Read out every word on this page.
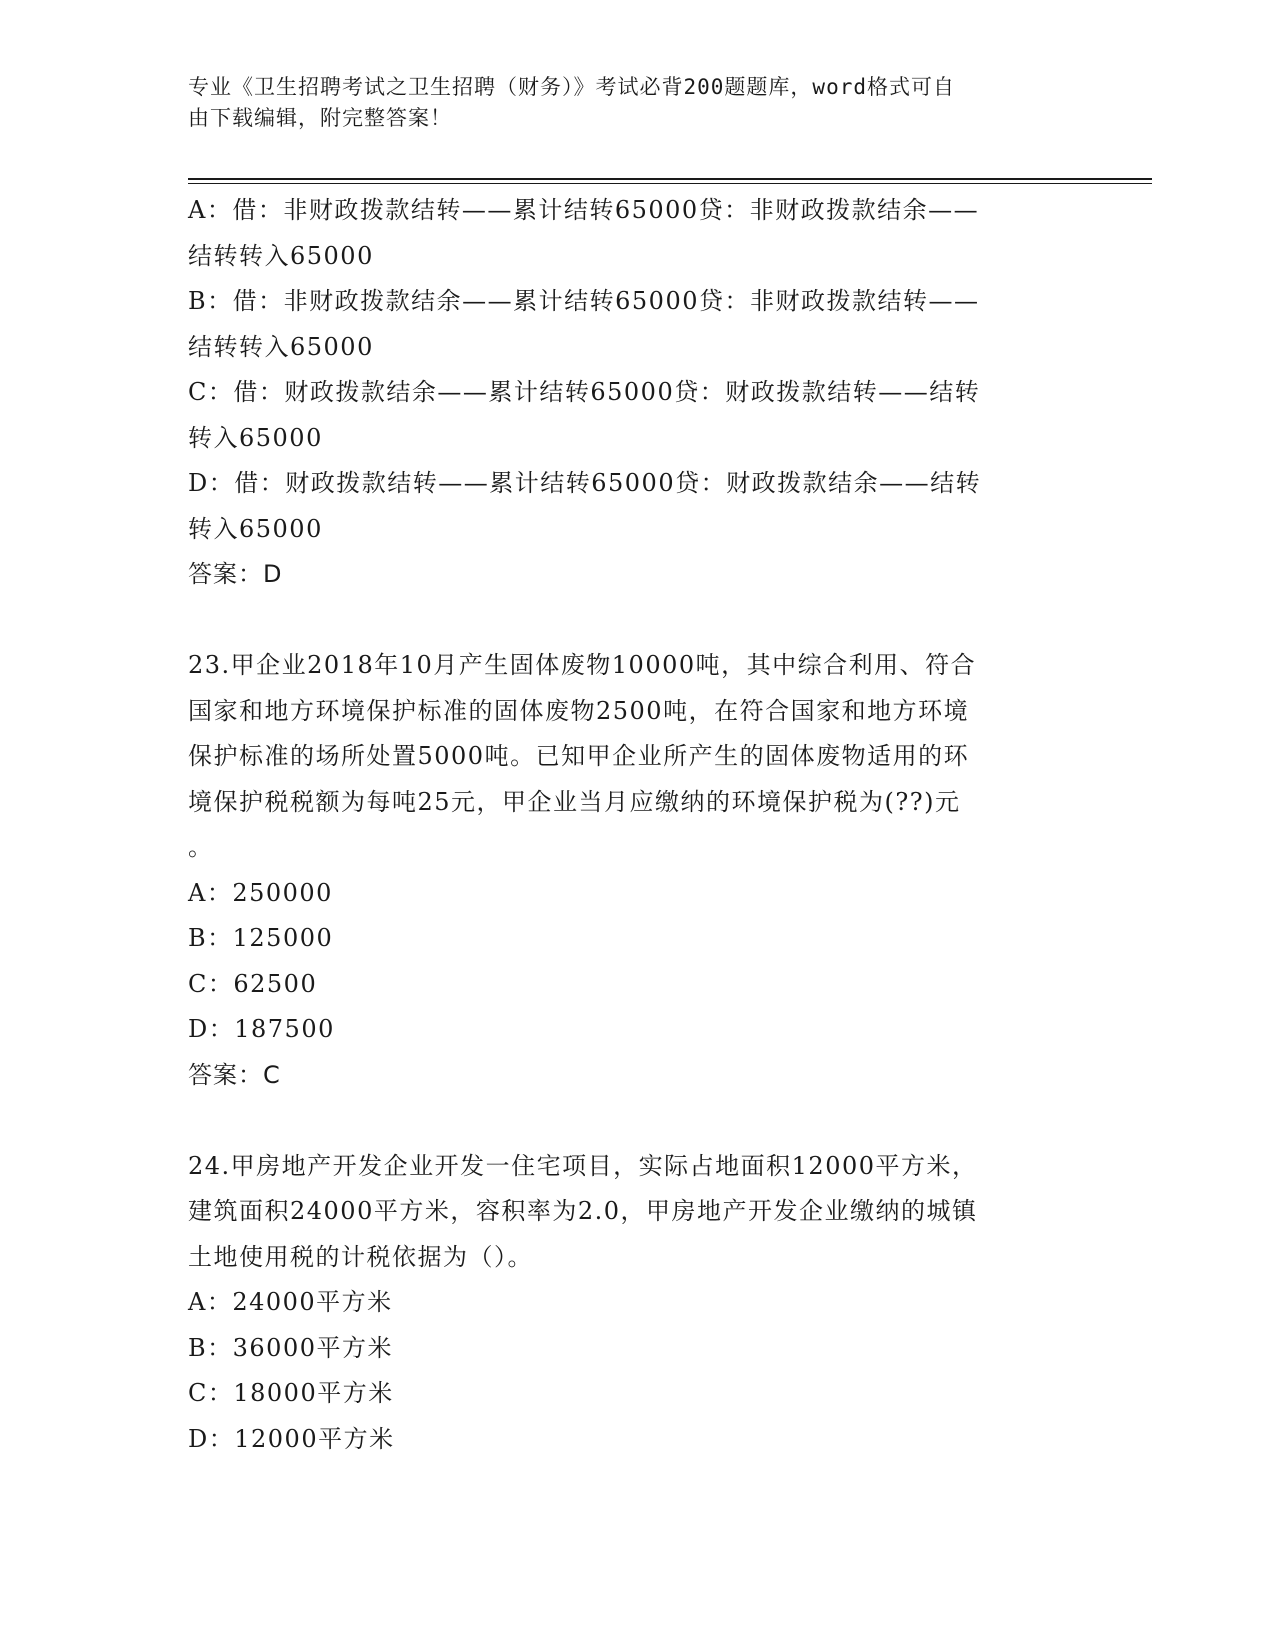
专业《卫生招聘考试之卫生招聘（财务）》考试必背200题题库，word格式可自
由下载编辑，附完整答案！
A：借：非财政拨款结转——累计结转65000贷：非财政拨款结余——
结转转入65000
B：借：非财政拨款结余——累计结转65000贷：非财政拨款结转——
结转转入65000
C：借：财政拨款结余——累计结转65000贷：财政拨款结转——结转
转入65000
D：借：财政拨款结转——累计结转65000贷：财政拨款结余——结转
转入65000
答案：D
23.甲企业2018年10月产生固体废物10000吨，其中综合利用、符合
国家和地方环境保护标准的固体废物2500吨，在符合国家和地方环境
保护标准的场所处置5000吨。已知甲企业所产生的固体废物适用的环
境保护税税额为每吨25元，甲企业当月应缴纳的环境保护税为(??)元
。
A：250000
B：125000
C：62500
D：187500
答案：C
24.甲房地产开发企业开发一住宅项目，实际占地面积12000平方米，
建筑面积24000平方米，容积率为2.0，甲房地产开发企业缴纳的城镇
土地使用税的计税依据为（）。
A：24000平方米
B：36000平方米
C：18000平方米
D：12000平方米
